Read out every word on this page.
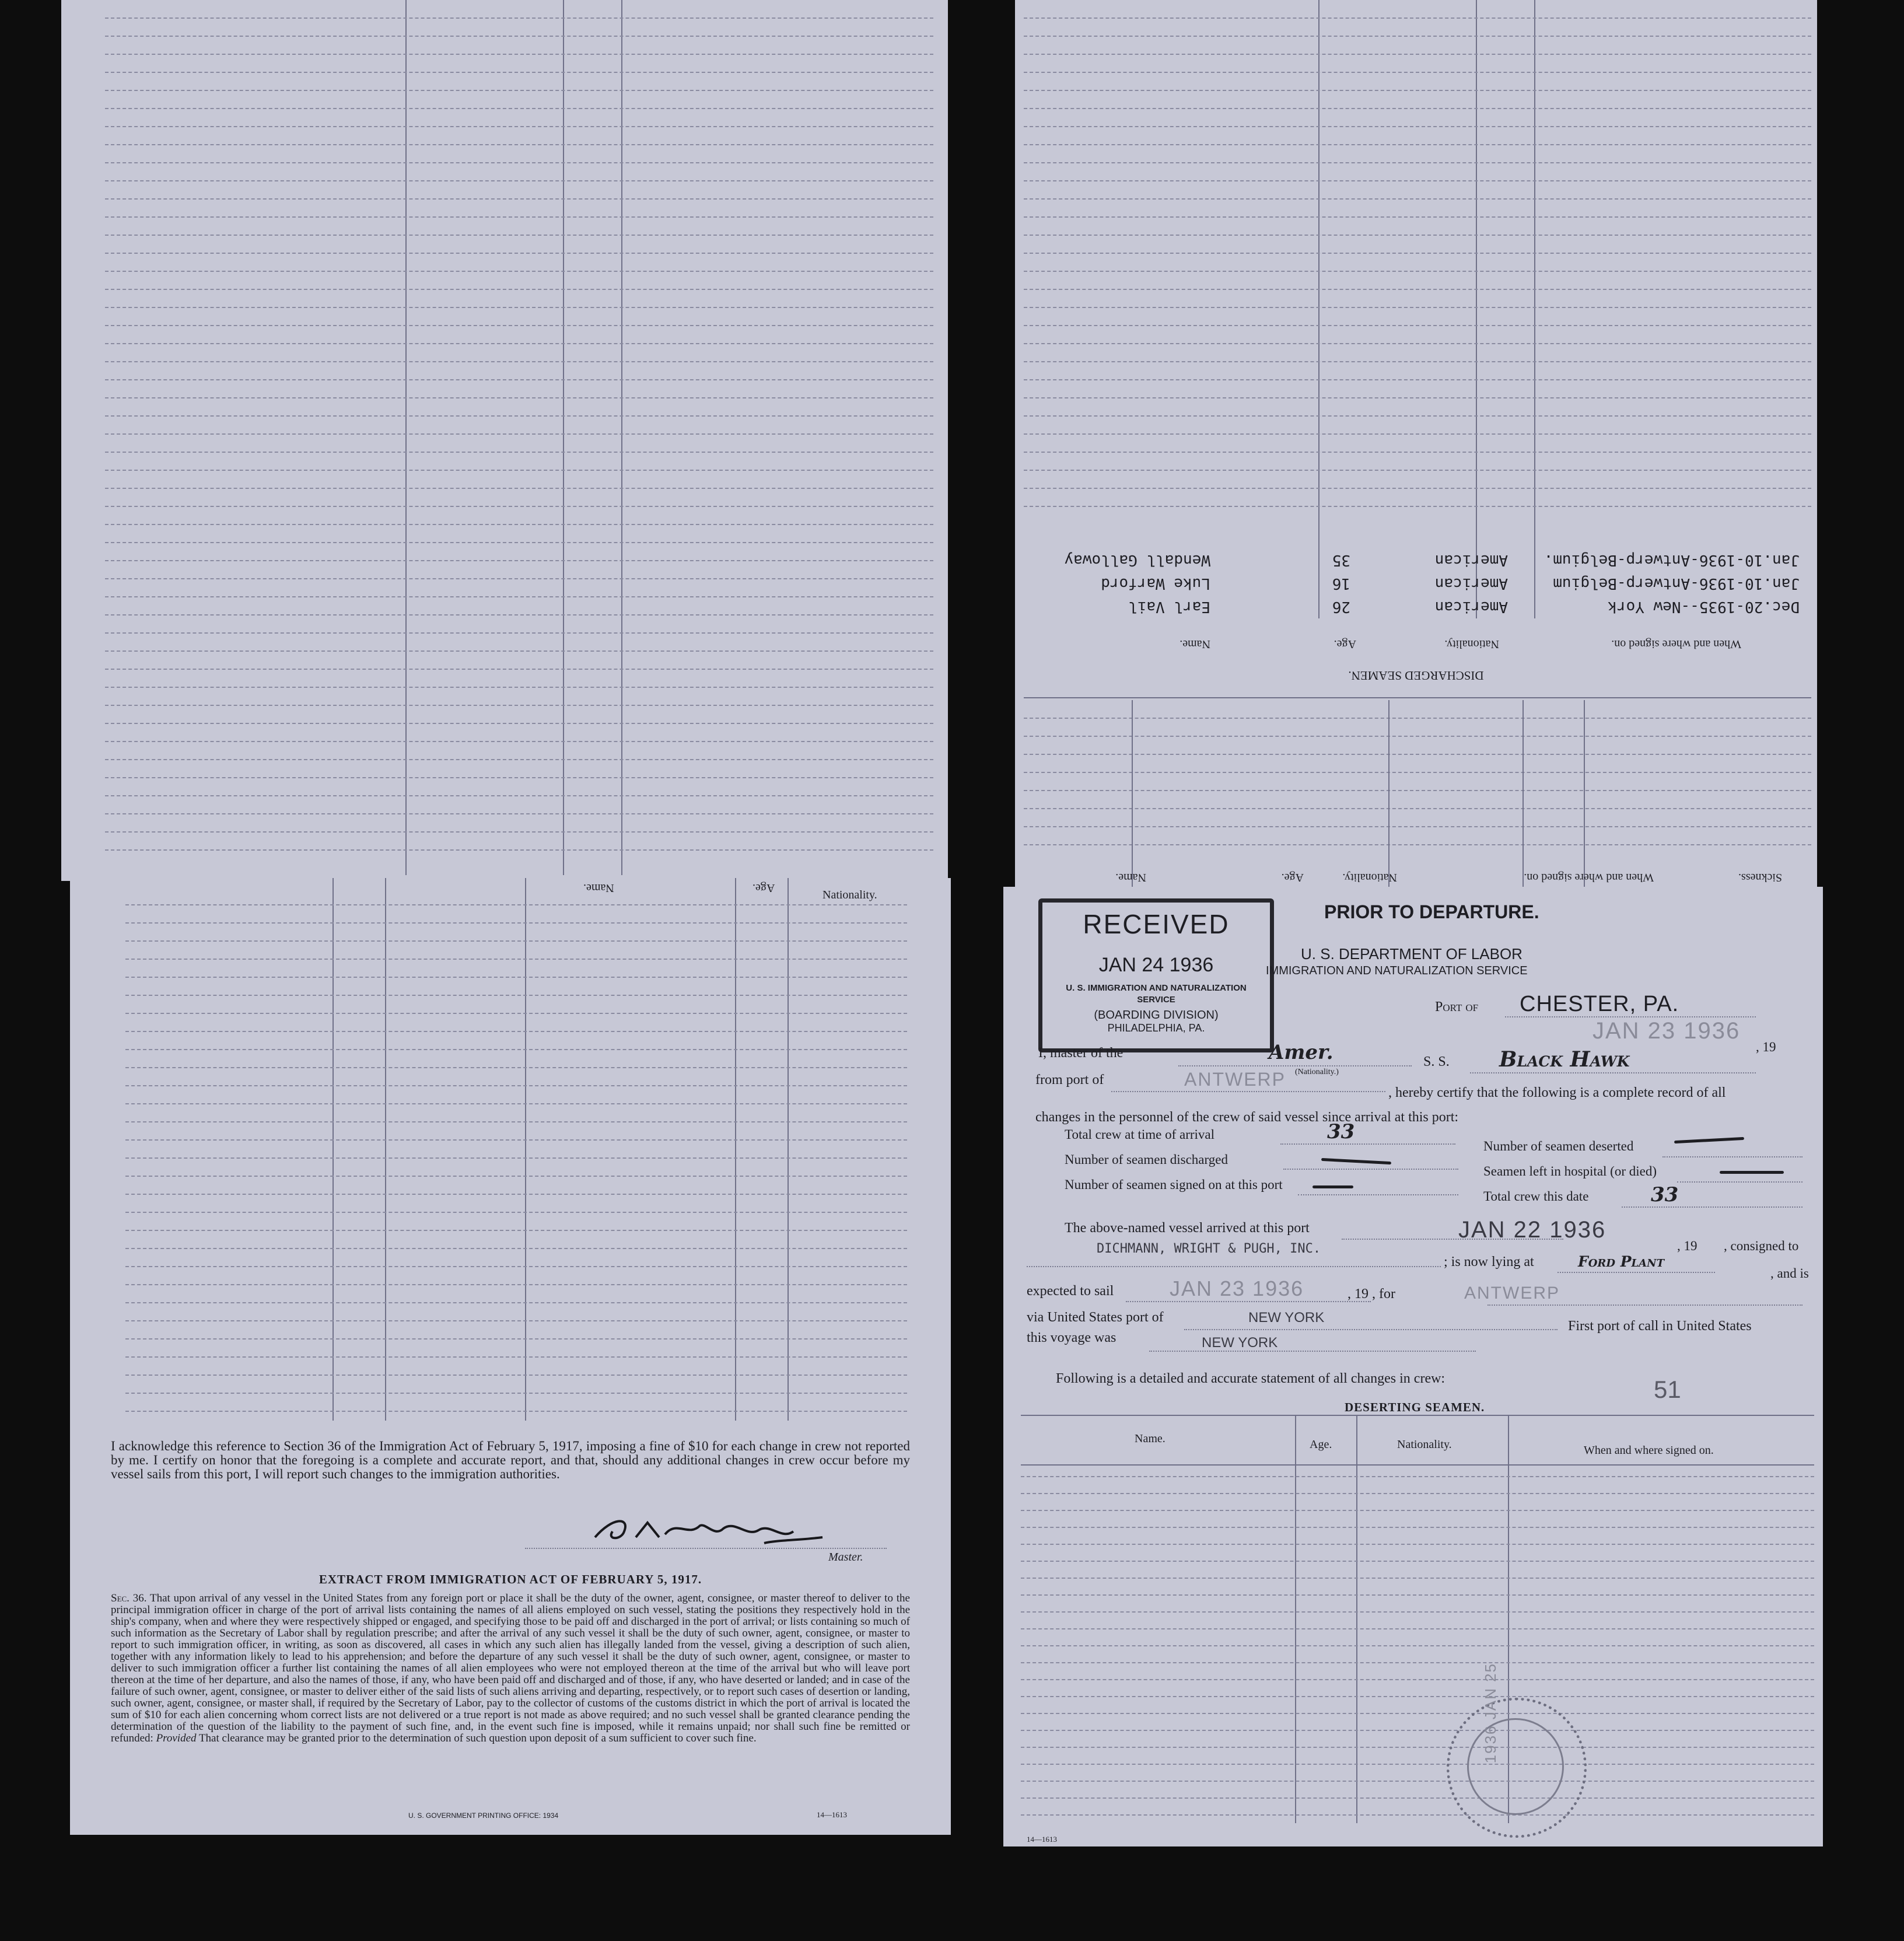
DISCHARGED SEAMEN.
Name.	Age.	Nationality.	When and where signed on.
Earl Vail	26	American	Dec.20-1935--New York
Luke Warford	16	American	Jan.10-1936-Antwerp-Belgium
Wendall Galloway	35	American Jan.10-1936-Antwerp-Belgium.
Name.	Age.	Nationality.	When and where signed on.	Sickness.
Name.	Age.
Nationality.
I acknowledge this reference to Section 36 of the Immigration Act of February 5, 1917, imposing a fine of $10 for each change in crew not reported by me. I certify on honor that the foregoing is a complete and accurate report, and that, should any additional changes in crew occur before my vessel sails from this port, I will report such changes to the immigration authorities.
Master.
EXTRACT FROM IMMIGRATION ACT OF FEBRUARY 5, 1917.
Sec. 36. That upon arrival of any vessel in the United States from any foreign port or place it shall be the duty of the owner, agent, consignee, or master thereof to deliver to the principal immigration officer in charge of the port of arrival lists containing the names of all aliens employed on such vessel, stating the positions they respectively hold in the ship's company, when and where they were respectively shipped or engaged, and specifying those to be paid off and discharged in the port of arrival; or lists containing so much of such information as the Secretary of Labor shall by regulation prescribe; and after the arrival of any such vessel it shall be the duty of such owner, agent, consignee, or master to report to such immigration officer, in writing, as soon as discovered, all cases in which any such alien has illegally landed from the vessel, giving a description of such alien, together with any information likely to lead to his apprehension; and before the departure of any such vessel it shall be the duty of such owner, agent, consignee, or master to deliver to such immigration officer a further list containing the names of all alien employees who were not employed thereon at the time of the arrival but who will leave port thereon at the time of her departure, and also the names of those, if any, who have been paid off and discharged and of those, if any, who have deserted or landed; and in case of the failure of such owner, agent, consignee, or master to deliver either of the said lists of such aliens arriving and departing, respectively, or to report such cases of desertion or landing, such owner, agent, consignee, or master shall, if required by the Secretary of Labor, pay to the collector of customs of the customs district in which the port of arrival is located the sum of $10 for each alien concerning whom correct lists are not delivered or a true report is not made as above required; and no such vessel shall be granted clearance pending the determination of the question of the liability to the payment of such fine, and, in the event such fine is imposed, while it remains unpaid; nor shall such fine be remitted or refunded: Provided That clearance may be granted prior to the determination of such question upon deposit of a sum sufficient to cover such fine.
U. S. GOVERNMENT PRINTING OFFICE: 1934	14—1613
RECEIVED
JAN 24 1936
U. S. IMMIGRATION AND NATURALIZATION
SERVICE
(BOARDING DIVISION)
PHILADELPHIA, PA.
PRIOR TO DEPARTURE.
U. S. DEPARTMENT OF LABOR
IMMIGRATION AND NATURALIZATION SERVICE
Port of CHESTER, PA.
JAN 23 1936
, 19
I, master of the	Amer.
(Nationality.)
S. S. Black Hawk
from port of	ANTWERP
, hereby certify that the following is a complete record of all
changes in the personnel of the crew of said vessel since arrival at this port:
Total crew at time of arrival	33
Number of seamen deserted
Number of seamen discharged
Seamen left in hospital (or died)
Number of seamen signed on at this port
Total crew this date	33
The above-named vessel arrived at this port	JAN 22 1936
, 19 , consigned to
DICHMANN, WRIGHT & PUGH, INC.
; is now lying at	Ford Plant
, and is
expected to sail	JAN 23 1936	, 19 , for	ANTWERP
via United States port of	NEW YORK
First port of call in United States
this voyage was	NEW YORK
Following is a detailed and accurate statement of all changes in crew:	51
DESERTING SEAMEN.
Name.	Age.	Nationality.	When and where signed on.
1936 JAN 25
14—1613
